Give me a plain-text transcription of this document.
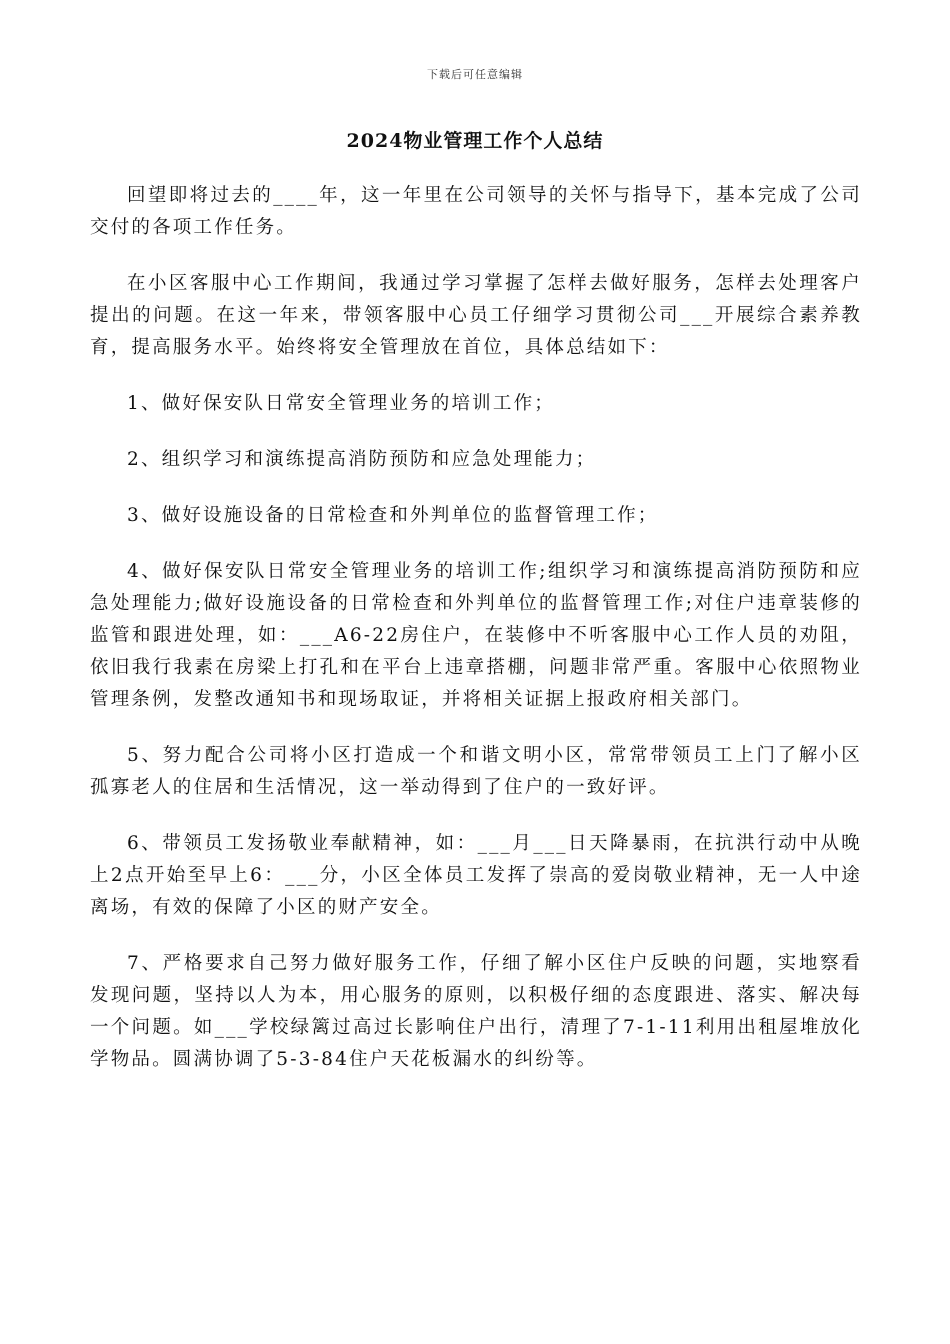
下载后可任意编辑
2024物业管理工作个人总结

回望即将过去的____年，这一年里在公司领导的关怀与指导下，基本完成了公司交付的各项工作任务。

在小区客服中心工作期间，我通过学习掌握了怎样去做好服务，怎样去处理客户提出的问题。在这一年来，带领客服中心员工仔细学习贯彻公司___开展综合素养教育，提高服务水平。始终将安全管理放在首位，具体总结如下：

1、做好保安队日常安全管理业务的培训工作；

2、组织学习和演练提高消防预防和应急处理能力；

3、做好设施设备的日常检查和外判单位的监督管理工作；

4、做好保安队日常安全管理业务的培训工作;组织学习和演练提高消防预防和应急处理能力;做好设施设备的日常检查和外判单位的监督管理工作;对住户违章装修的监管和跟进处理，如：___A6-22房住户，在装修中不听客服中心工作人员的劝阻，依旧我行我素在房梁上打孔和在平台上违章搭棚，问题非常严重。客服中心依照物业管理条例，发整改通知书和现场取证，并将相关证据上报政府相关部门。

5、努力配合公司将小区打造成一个和谐文明小区，常常带领员工上门了解小区孤寡老人的住居和生活情况，这一举动得到了住户的一致好评。

6、带领员工发扬敬业奉献精神，如：___月___日天降暴雨，在抗洪行动中从晚上2点开始至早上6：___分，小区全体员工发挥了崇高的爱岗敬业精神，无一人中途离场，有效的保障了小区的财产安全。

7、严格要求自己努力做好服务工作，仔细了解小区住户反映的问题，实地察看发现问题，坚持以人为本，用心服务的原则，以积极仔细的态度跟进、落实、解决每一个问题。如___学校绿篱过高过长影响住户出行，清理了7-1-11利用出租屋堆放化学物品。圆满协调了5-3-84住户天花板漏水的纠纷等。
